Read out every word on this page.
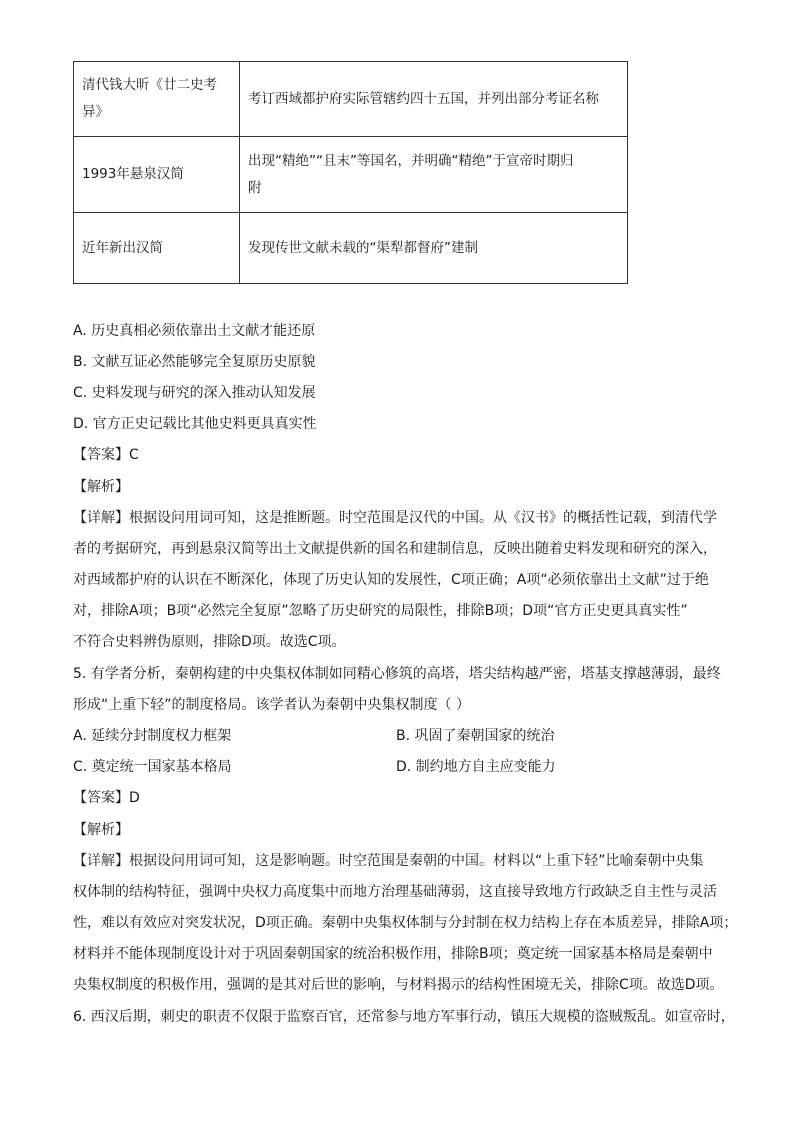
清代钱大昕《廿二史考异》	考订西域都护府实际管辖约四十五国，并列出部分考证名称
1993年悬泉汉简	出现“精绝”“且末”等国名，并明确“精绝”于宣帝时期归
附

近年新出汉简	发现传世文献未载的“渠犁都督府”建制
A. 历史真相必须依靠出土文献才能还原
B. 文献互证必然能够完全复原历史原貌
C. 史料发现与研究的深入推动认知发展
D. 官方正史记载比其他史料更具真实性
【答案】C
【解析】
【详解】根据设问用词可知，这是推断题。时空范围是汉代的中国。从《汉书》的概括性记载，到清代学
者的考据研究，再到悬泉汉简等出土文献提供新的国名和建制信息，反映出随着史料发现和研究的深入，
对西域都护府的认识在不断深化，体现了历史认知的发展性，C项正确；A项“必须依靠出土文献”过于绝
对，排除A项；B项“必然完全复原”忽略了历史研究的局限性，排除B项；D项“官方正史更具真实性”
不符合史料辨伪原则，排除D项。故选C项。
5. 有学者分析，秦朝构建的中央集权体制如同精心修筑的高塔，塔尖结构越严密，塔基支撑越薄弱，最终
形成“上重下轻”的制度格局。该学者认为秦朝中央集权制度（ ）
A. 延续分封制度权力框架	B. 巩固了秦朝国家的统治
C. 奠定统一国家基本格局	D. 制约地方自主应变能力
【答案】D
【解析】
【详解】根据设问用词可知，这是影响题。时空范围是秦朝的中国。材料以“上重下轻”比喻秦朝中央集
权体制的结构特征，强调中央权力高度集中而地方治理基础薄弱，这直接导致地方行政缺乏自主性与灵活
性，难以有效应对突发状况，D项正确。秦朝中央集权体制与分封制在权力结构上存在本质差异，排除A项；
材料并不能体现制度设计对于巩固秦朝国家的统治积极作用，排除B项；奠定统一国家基本格局是秦朝中
央集权制度的积极作用，强调的是其对后世的影响，与材料揭示的结构性困境无关，排除C项。故选D项。
6. 西汉后期，刺史的职责不仅限于监察百官，还常参与地方军事行动，镇压大规模的盗贼叛乱。如宣帝时，
